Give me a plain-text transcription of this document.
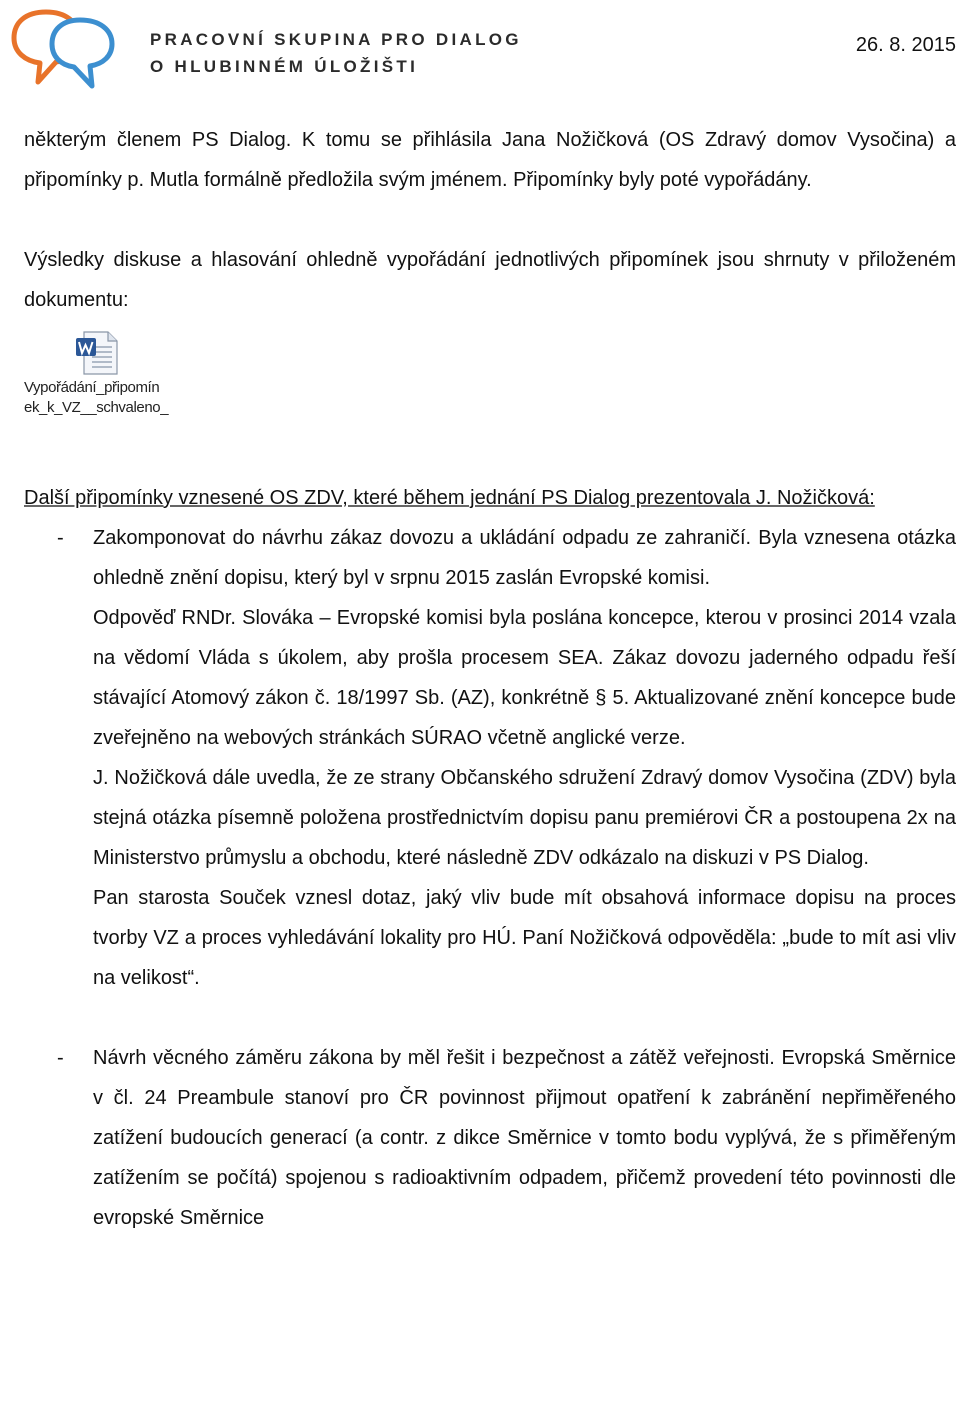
PRACOVNÍ SKUPINA PRO DIALOG
O HLUBINNÉM ÚLOŽIŠTI
26. 8. 2015

některým členem PS Dialog. K tomu se přihlásila Jana Nožičková (OS Zdravý domov Vysočina) a připomínky p. Mutla formálně předložila svým jménem. Připomínky byly poté vypořádány.

Výsledky diskuse a hlasování ohledně vypořádání jednotlivých připomínek jsou shrnuty v přiloženém dokumentu:

Vypořádání_připomín
ek_k_VZ__schvaleno_

Další připomínky vznesené OS ZDV, které během jednání PS Dialog prezentovala J. Nožičková:

- Zakomponovat do návrhu zákaz dovozu a ukládání odpadu ze zahraničí. Byla vznesena otázka ohledně znění dopisu, který byl v srpnu 2015 zaslán Evropské komisi.

Odpověď RNDr. Slováka – Evropské komisi byla poslána koncepce, kterou v prosinci 2014 vzala na vědomí Vláda s úkolem, aby prošla procesem SEA. Zákaz dovozu jaderného odpadu řeší stávající Atomový zákon č. 18/1997 Sb. (AZ), konkrétně § 5. Aktualizované znění koncepce bude zveřejněno na webových stránkách SÚRAO včetně anglické verze.

J. Nožičková dále uvedla, že ze strany Občanského sdružení Zdravý domov Vysočina (ZDV) byla stejná otázka písemně položena prostřednictvím dopisu panu premiérovi ČR a postoupena 2x na Ministerstvo průmyslu a obchodu, které následně ZDV odkázalo na diskuzi v PS Dialog.

Pan starosta Souček vznesl dotaz, jaký vliv bude mít obsahová informace dopisu na proces tvorby VZ a proces vyhledávání lokality pro HÚ. Paní Nožičková odpověděla: „bude to mít asi vliv na velikost“.

- Návrh věcného záměru zákona by měl řešit i bezpečnost a zátěž veřejnosti. Evropská Směrnice v čl. 24 Preambule stanoví pro ČR povinnost přijmout opatření k zabránění nepřiměřeného zatížení budoucích generací (a contr. z dikce Směrnice v tomto bodu vyplývá, že s přiměřeným zatížením se počítá) spojenou s radioaktivním odpadem, přičemž provedení této povinnosti dle evropské Směrnice
